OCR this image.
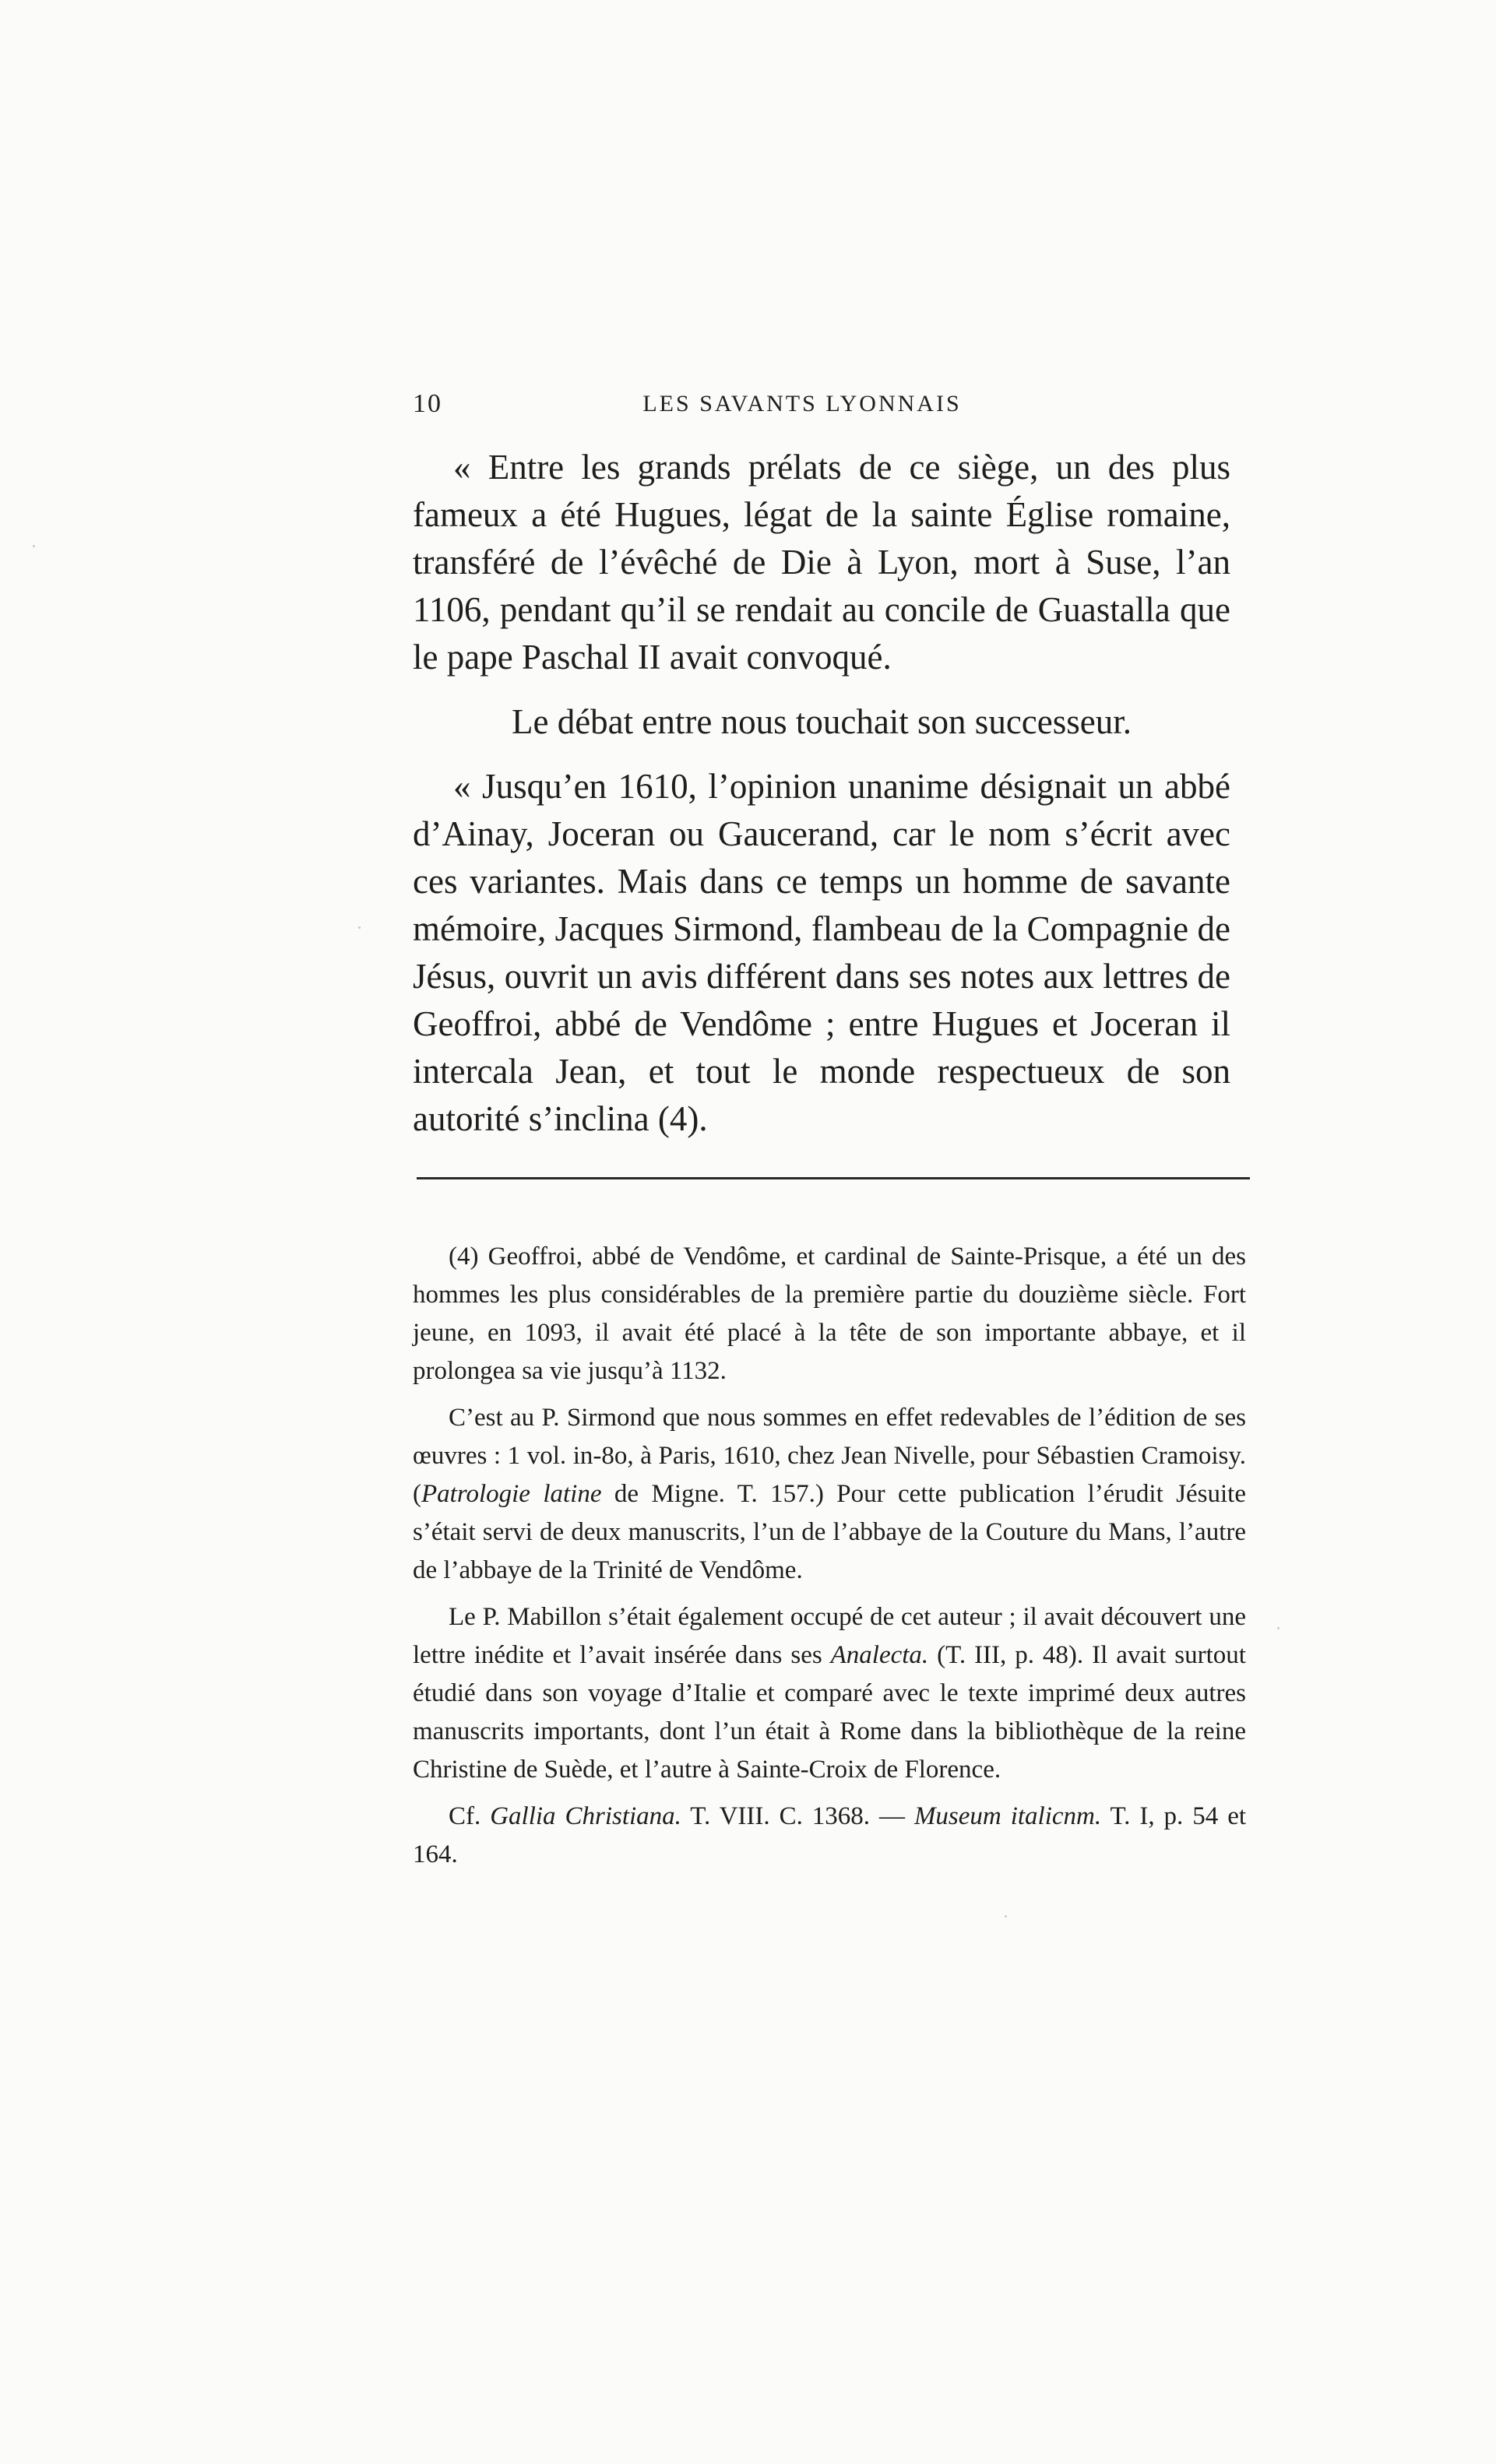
10	LES SAVANTS LYONNAIS

« Entre les grands prélats de ce siège, un des plus fameux a été Hugues, légat de la sainte Église romaine, transféré de l’évêché de Die à Lyon, mort à Suse, l’an 1106, pendant qu’il se rendait au concile de Guastalla que le pape Paschal II avait convoqué.

Le débat entre nous touchait son successeur.

« Jusqu’en 1610, l’opinion unanime désignait un abbé d’Ainay, Joceran ou Gaucerand, car le nom s’écrit avec ces variantes. Mais dans ce temps un homme de savante mémoire, Jacques Sirmond, flambeau de la Compagnie de Jésus, ouvrit un avis différent dans ses notes aux lettres de Geoffroi, abbé de Vendôme ; entre Hugues et Joceran il intercala Jean, et tout le monde respectueux de son autorité s’inclina (4).

(4) Geoffroi, abbé de Vendôme, et cardinal de Sainte-Prisque, a été un des hommes les plus considérables de la première partie du douzième siècle. Fort jeune, en 1093, il avait été placé à la tête de son importante abbaye, et il prolongea sa vie jusqu’à 1132.

C’est au P. Sirmond que nous sommes en effet redevables de l’édition de ses œuvres : 1 vol. in-8o, à Paris, 1610, chez Jean Nivelle, pour Sébastien Cramoisy. (Patrologie latine de Migne. T. 157.) Pour cette publication l’érudit Jésuite s’était servi de deux manuscrits, l’un de l’abbaye de la Couture du Mans, l’autre de l’abbaye de la Trinité de Vendôme.

Le P. Mabillon s’était également occupé de cet auteur ; il avait découvert une lettre inédite et l’avait insérée dans ses Analecta. (T. III, p. 48). Il avait surtout étudié dans son voyage d’Italie et comparé avec le texte imprimé deux autres manuscrits importants, dont l’un était à Rome dans la bibliothèque de la reine Christine de Suède, et l’autre à Sainte-Croix de Florence.

Cf. Gallia Christiana. T. VIII. C. 1368. — Museum italicnm. T. I, p. 54 et 164.
